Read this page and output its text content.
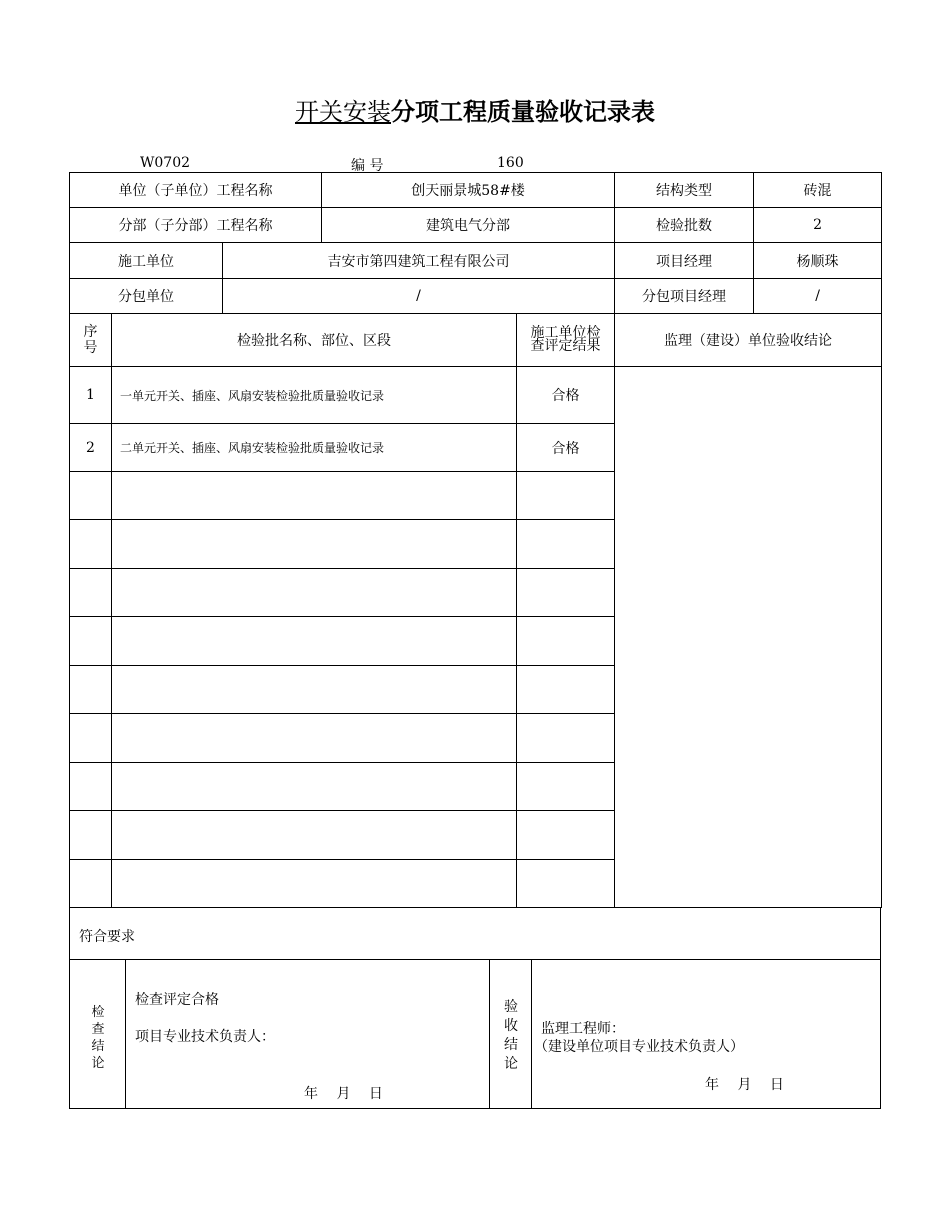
开关安装分项工程质量验收记录表
W0702	编 号	160
单位（子单位）工程名称			创天丽景城58#楼		结构类型	砖混
分部（子分部）工程名称			建筑电气分部		检验批数	2
施工单位		吉安市第四建筑工程有限公司			项目经理	杨顺珠
分包单位		/			分包项目经理	/

序号	检验批名称、部位、区段			施工单位检查评定结果	监理（建设）单位验收结论	
1	一单元开关、插座、风扇安装检验批质量验收记录			合格		
2	二单元开关、插座、风扇安装检验批质量验收记录			合格		

符合要求
检查结论
检查评定合格
项目专业技术负责人：
年　 月　 日
验收结论
监理工程师：
（建设单位项目专业技术负责人）
年　 月　 日
